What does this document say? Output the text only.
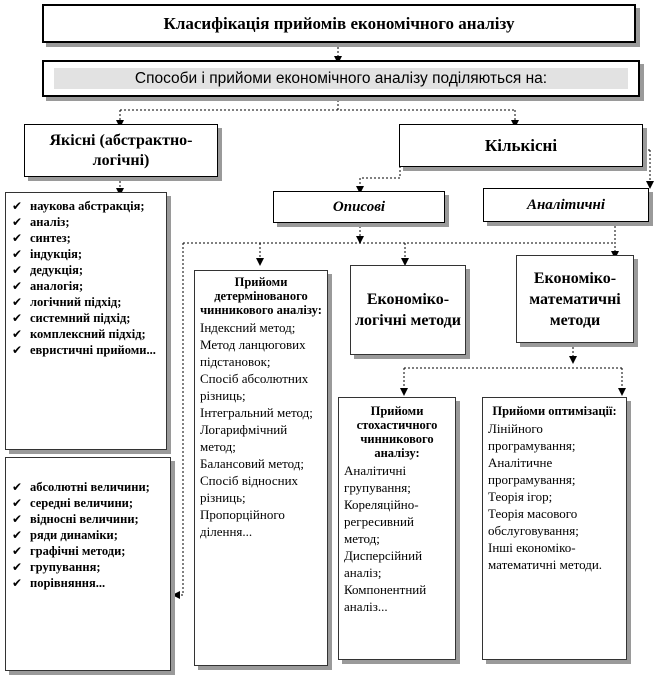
Класифікація прийомів економічного аналізу
Способи і прийоми економічного аналізу поділяються на:
Якісні (абстрактно-логічні)
Кількісні
Описові	Аналітичні
✔ наукова абстракція;
✔ аналіз;
✔ синтез;
✔ індукція;
✔ дедукція;
✔ аналогія;
✔ логічний підхід;
✔ системний підхід;
✔ комплексний підхід;
✔ евристичні прийоми...
✔ абсолютні величини;
✔ середні величини;
✔ відносні величини;
✔ ряди динаміки;
✔ графічні методи;
✔ групування;
✔ порівняння...
Прийоми детермінованого чинникового аналізу:
Індексний метод;
Метод ланцюгових підстановок;
Спосіб абсолютних різниць;
Інтегральний метод;
Логарифмічний метод;
Балансовий метод;
Спосіб відносних різниць;
Пропорційного ділення...
Економіко-логічні методи
Економіко-математичні методи
Прийоми стохастичного чинникового аналізу:
Аналітичні групування;
Кореляційно-регресивний метод;
Дисперсійний аналіз;
Компонентний аналіз...
Прийоми оптимізації:
Лінійного програмування;
Аналітичне програмування;
Теорія ігор;
Теорія масового обслуговування;
Інші економіко-математичні методи.
